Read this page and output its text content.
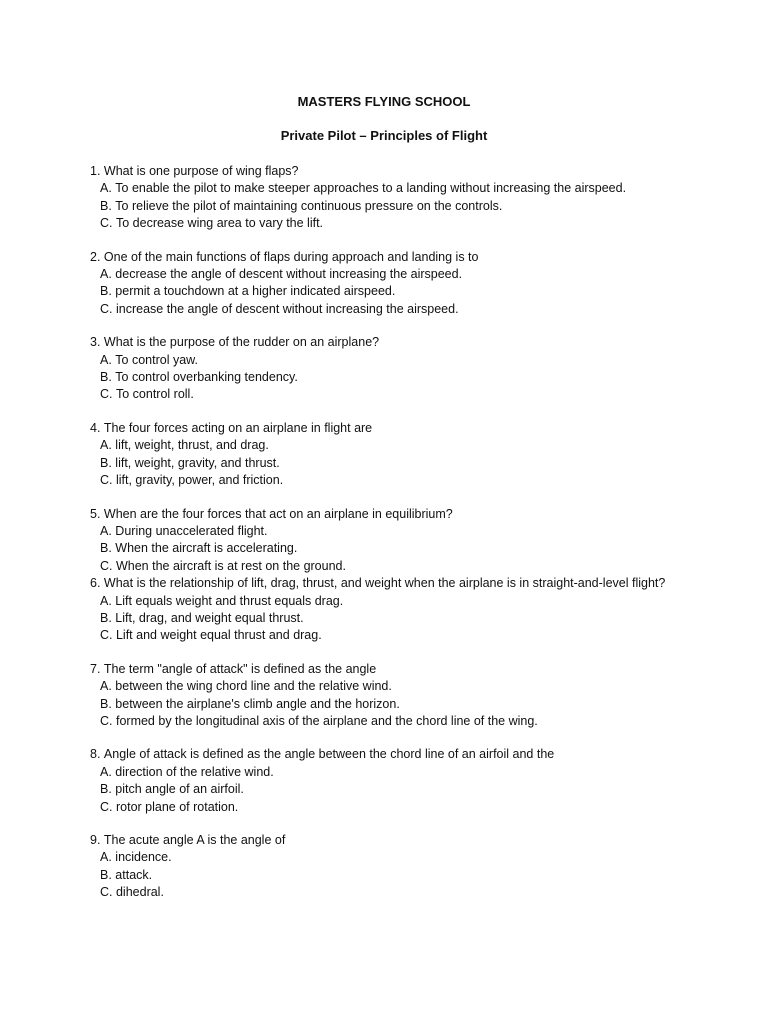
MASTERS FLYING SCHOOL
Private Pilot – Principles of Flight
1.
What is one purpose of wing flaps?
A.
To enable the pilot to make steeper approaches to a landing without increasing the airspeed.
B.
To relieve the pilot of maintaining continuous pressure on the controls.
C.
To decrease wing area to vary the lift.
2.
One of the main functions of flaps during approach and landing is to
A.
decrease the angle of descent without increasing the airspeed.
B.
permit a touchdown at a higher indicated airspeed.
C.
increase the angle of descent without increasing the airspeed.
3.
What is the purpose of the rudder on an airplane?
A.
To control yaw.
B.
To control overbanking tendency.
C.
To control roll.
4.
The four forces acting on an airplane in flight are
A.
lift, weight, thrust, and drag.
B.
lift, weight, gravity, and thrust.
C.
lift, gravity, power, and friction.
5.
When are the four forces that act on an airplane in equilibrium?
A.
During unaccelerated flight.
B.
When the aircraft is accelerating.
C.
When the aircraft is at rest on the ground.
6.
What is the relationship of lift, drag, thrust, and weight when the airplane is in straight-and-level flight?
A.
Lift equals weight and thrust equals drag.
B.
Lift, drag, and weight equal thrust.
C.
Lift and weight equal thrust and drag.
7.
The term "angle of attack" is defined as the angle
A.
between the wing chord line and the relative wind.
B.
between the airplane's climb angle and the horizon.
C.
formed by the longitudinal axis of the airplane and the chord line of the wing.
8.
Angle of attack is defined as the angle between the chord line of an airfoil and the
A.
direction of the relative wind.
B.
pitch angle of an airfoil.
C.
rotor plane of rotation.
9.
The acute angle A is the angle of
A.
incidence.
B.
attack.
C.
dihedral.
